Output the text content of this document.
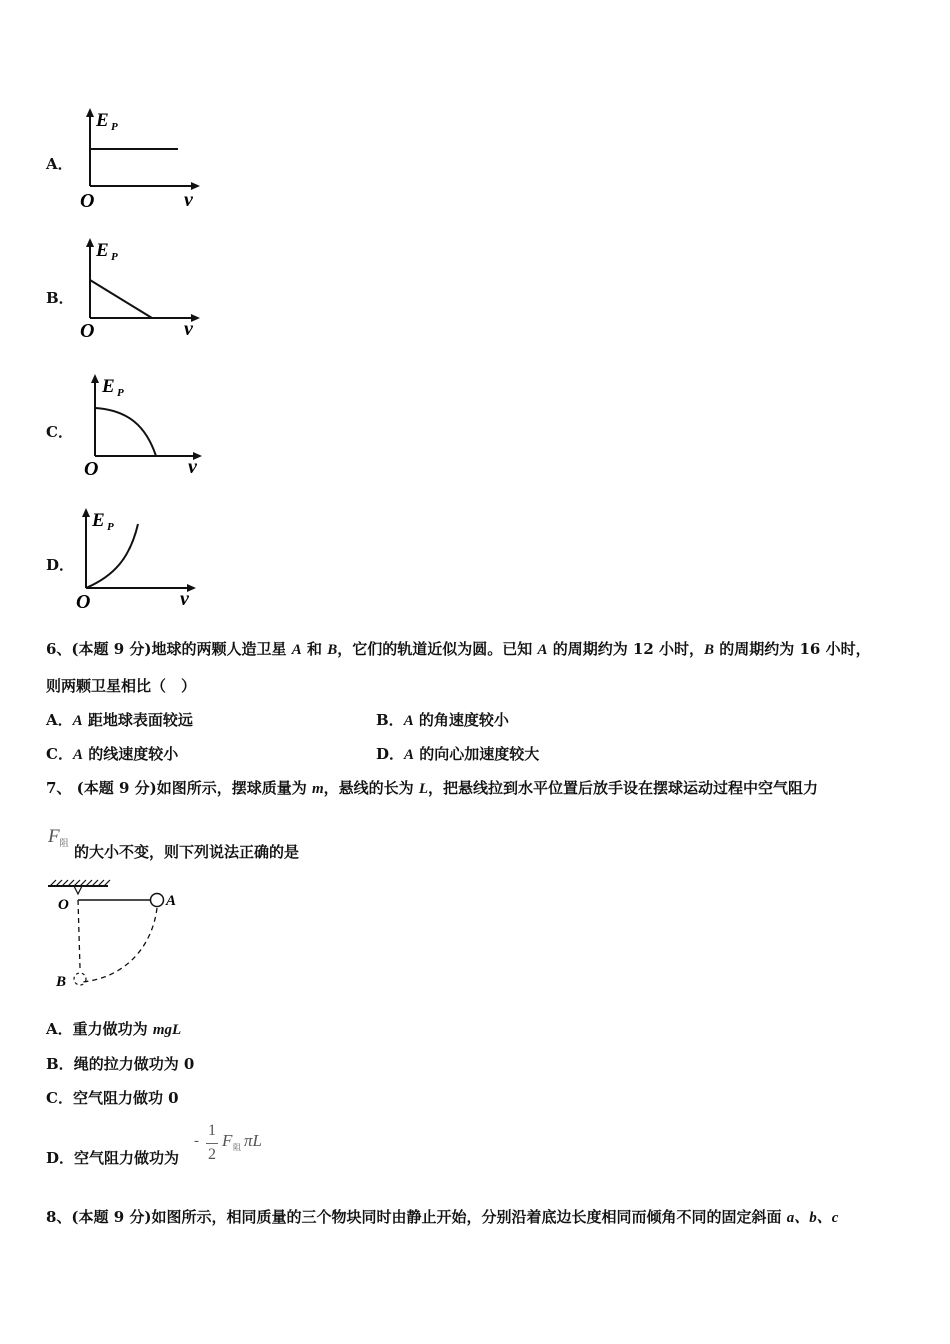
A．
E P
O	v
B．
E P
O	v
C．
E P
O	v
D．
E P
O	v
6、(本题 9 分)地球的两颗人造卫星 A 和 B，它们的轨道近似为圆。已知 A 的周期约为 12 小时，B 的周期约为 16 小时，
则两颗卫星相比（　）
A．A 距地球表面较远	B．A 的角速度较小
C．A 的线速度较小	D．A 的向心加速度较大
7、 (本题 9 分)如图所示，摆球质量为 m，悬线的长为 L，把悬线拉到水平位置后放手设在摆球运动过程中空气阻力
$F_阻$ 的大小不变，则下列说法正确的是
O	A
B
A．重力做功为 mgL
B．绳的拉力做功为 0
C．空气阻力做功 0
D．空气阻力做功为
-
1
2
F 阻 πL
8、(本题 9 分)如图所示，相同质量的三个物块同时由静止开始，分别沿着底边长度相同而倾角不同的固定斜面 a、b、c
